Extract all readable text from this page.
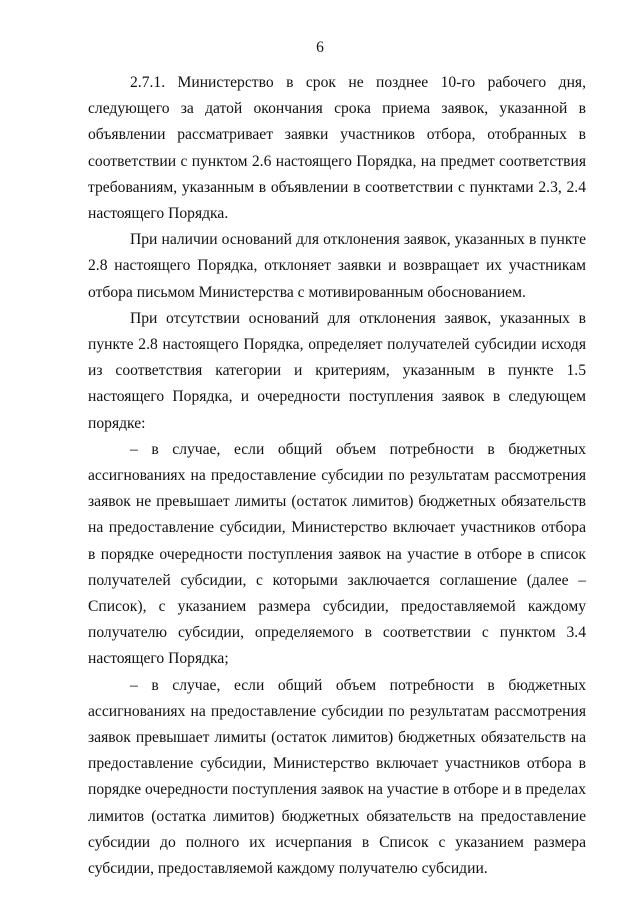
6

2.7.1. Министерство в срок не позднее 10-го рабочего дня, следующего за датой окончания срока приема заявок, указанной в объявлении рассматривает заявки участников отбора, отобранных в соответствии с пунктом 2.6 настоящего Порядка, на предмет соответствия требованиям, указанным в объявлении в соответствии с пунктами 2.3, 2.4 настоящего Порядка.

При наличии оснований для отклонения заявок, указанных в пункте 2.8 настоящего Порядка, отклоняет заявки и возвращает их участникам отбора письмом Министерства с мотивированным обоснованием.

При отсутствии оснований для отклонения заявок, указанных в пункте 2.8 настоящего Порядка, определяет получателей субсидии исходя из соответствия категории и критериям, указанным в пункте 1.5 настоящего Порядка, и очередности поступления заявок в следующем порядке:

– в случае, если общий объем потребности в бюджетных ассигнованиях на предоставление субсидии по результатам рассмотрения заявок не превышает лимиты (остаток лимитов) бюджетных обязательств на предоставление субсидии, Министерство включает участников отбора в порядке очередности поступления заявок на участие в отборе в список получателей субсидии, с которыми заключается соглашение (далее – Список), с указанием размера субсидии, предоставляемой каждому получателю субсидии, определяемого в соответствии с пунктом 3.4 настоящего Порядка;

– в случае, если общий объем потребности в бюджетных ассигнованиях на предоставление субсидии по результатам рассмотрения заявок превышает лимиты (остаток лимитов) бюджетных обязательств на предоставление субсидии, Министерство включает участников отбора в порядке очередности поступления заявок на участие в отборе и в пределах лимитов (остатка лимитов) бюджетных обязательств на предоставление субсидии до полного их исчерпания в Список с указанием размера субсидии, предоставляемой каждому получателю субсидии.
